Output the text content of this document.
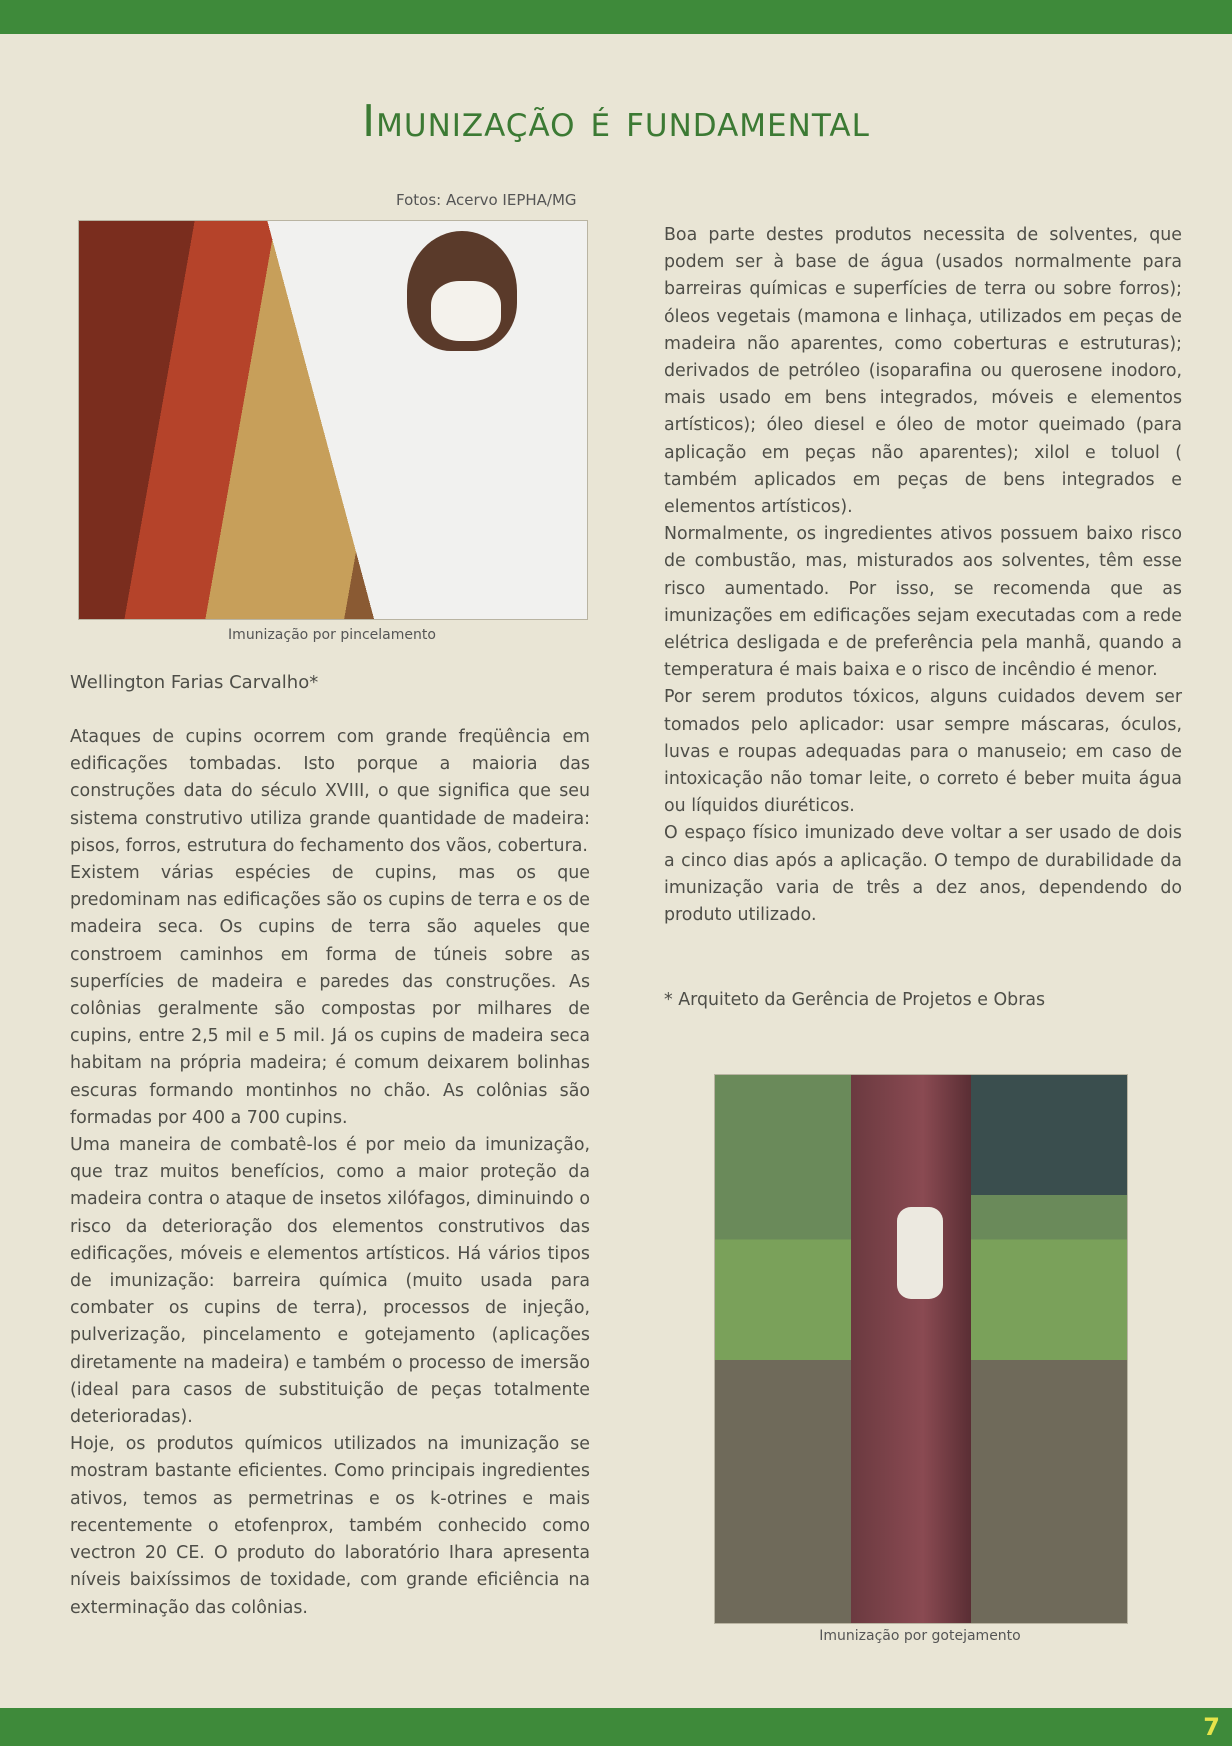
Imunização é fundamental
Fotos: Acervo IEPHA/MG
Imunização por pincelamento
Wellington Farias Carvalho*

Ataques de cupins ocorrem com grande freqüência em edificações tombadas. Isto porque a maioria das construções data do século XVIII, o que significa que seu sistema construtivo utiliza grande quantidade de madeira: pisos, forros, estrutura do fechamento dos vãos, cobertura.

Existem várias espécies de cupins, mas os que predominam nas edificações são os cupins de terra e os de madeira seca. Os cupins de terra são aqueles que constroem caminhos em forma de túneis sobre as superfícies de madeira e paredes das construções. As colônias geralmente são compostas por milhares de cupins, entre 2,5 mil e 5 mil. Já os cupins de madeira seca habitam na própria madeira; é comum deixarem bolinhas escuras formando montinhos no chão. As colônias são formadas por 400 a 700 cupins.

Uma maneira de combatê-los é por meio da imunização, que traz muitos benefícios, como a maior proteção da madeira contra o ataque de insetos xilófagos, diminuindo o risco da deterioração dos elementos construtivos das edificações, móveis e elementos artísticos. Há vários tipos de imunização: barreira química (muito usada para combater os cupins de terra), processos de injeção, pulverização, pincelamento e gotejamento (aplicações diretamente na madeira) e também o processo de imersão (ideal para casos de substituição de peças totalmente deterioradas).

Hoje, os produtos químicos utilizados na imunização se mostram bastante eficientes. Como principais ingredientes ativos, temos as permetrinas e os k-otrines e mais recentemente o etofenprox, também conhecido como vectron 20 CE. O produto do laboratório Ihara apresenta níveis baixíssimos de toxidade, com grande eficiência na exterminação das colônias.

Boa parte destes produtos necessita de solventes, que podem ser à base de água (usados normalmente para barreiras químicas e superfícies de terra ou sobre forros); óleos vegetais (mamona e linhaça, utilizados em peças de madeira não aparentes, como coberturas e estruturas); derivados de petróleo (isoparafina ou querosene inodoro, mais usado em bens integrados, móveis e elementos artísticos); óleo diesel e óleo de motor queimado (para aplicação em peças não aparentes); xilol e toluol ( também aplicados em peças de bens integrados e elementos artísticos).

Normalmente, os ingredientes ativos possuem baixo risco de combustão, mas, misturados aos solventes, têm esse risco aumentado. Por isso, se recomenda que as imunizações em edificações sejam executadas com a rede elétrica desligada e de preferência pela manhã, quando a temperatura é mais baixa e o risco de incêndio é menor.

Por serem produtos tóxicos, alguns cuidados devem ser tomados pelo aplicador: usar sempre máscaras, óculos, luvas e roupas adequadas para o manuseio; em caso de intoxicação não tomar leite, o correto é beber muita água ou líquidos diuréticos.

O espaço físico imunizado deve voltar a ser usado de dois a cinco dias após a aplicação. O tempo de durabilidade da imunização varia de três a dez anos, dependendo do produto utilizado.

* Arquiteto da Gerência de Projetos e Obras
Imunização por gotejamento
7
